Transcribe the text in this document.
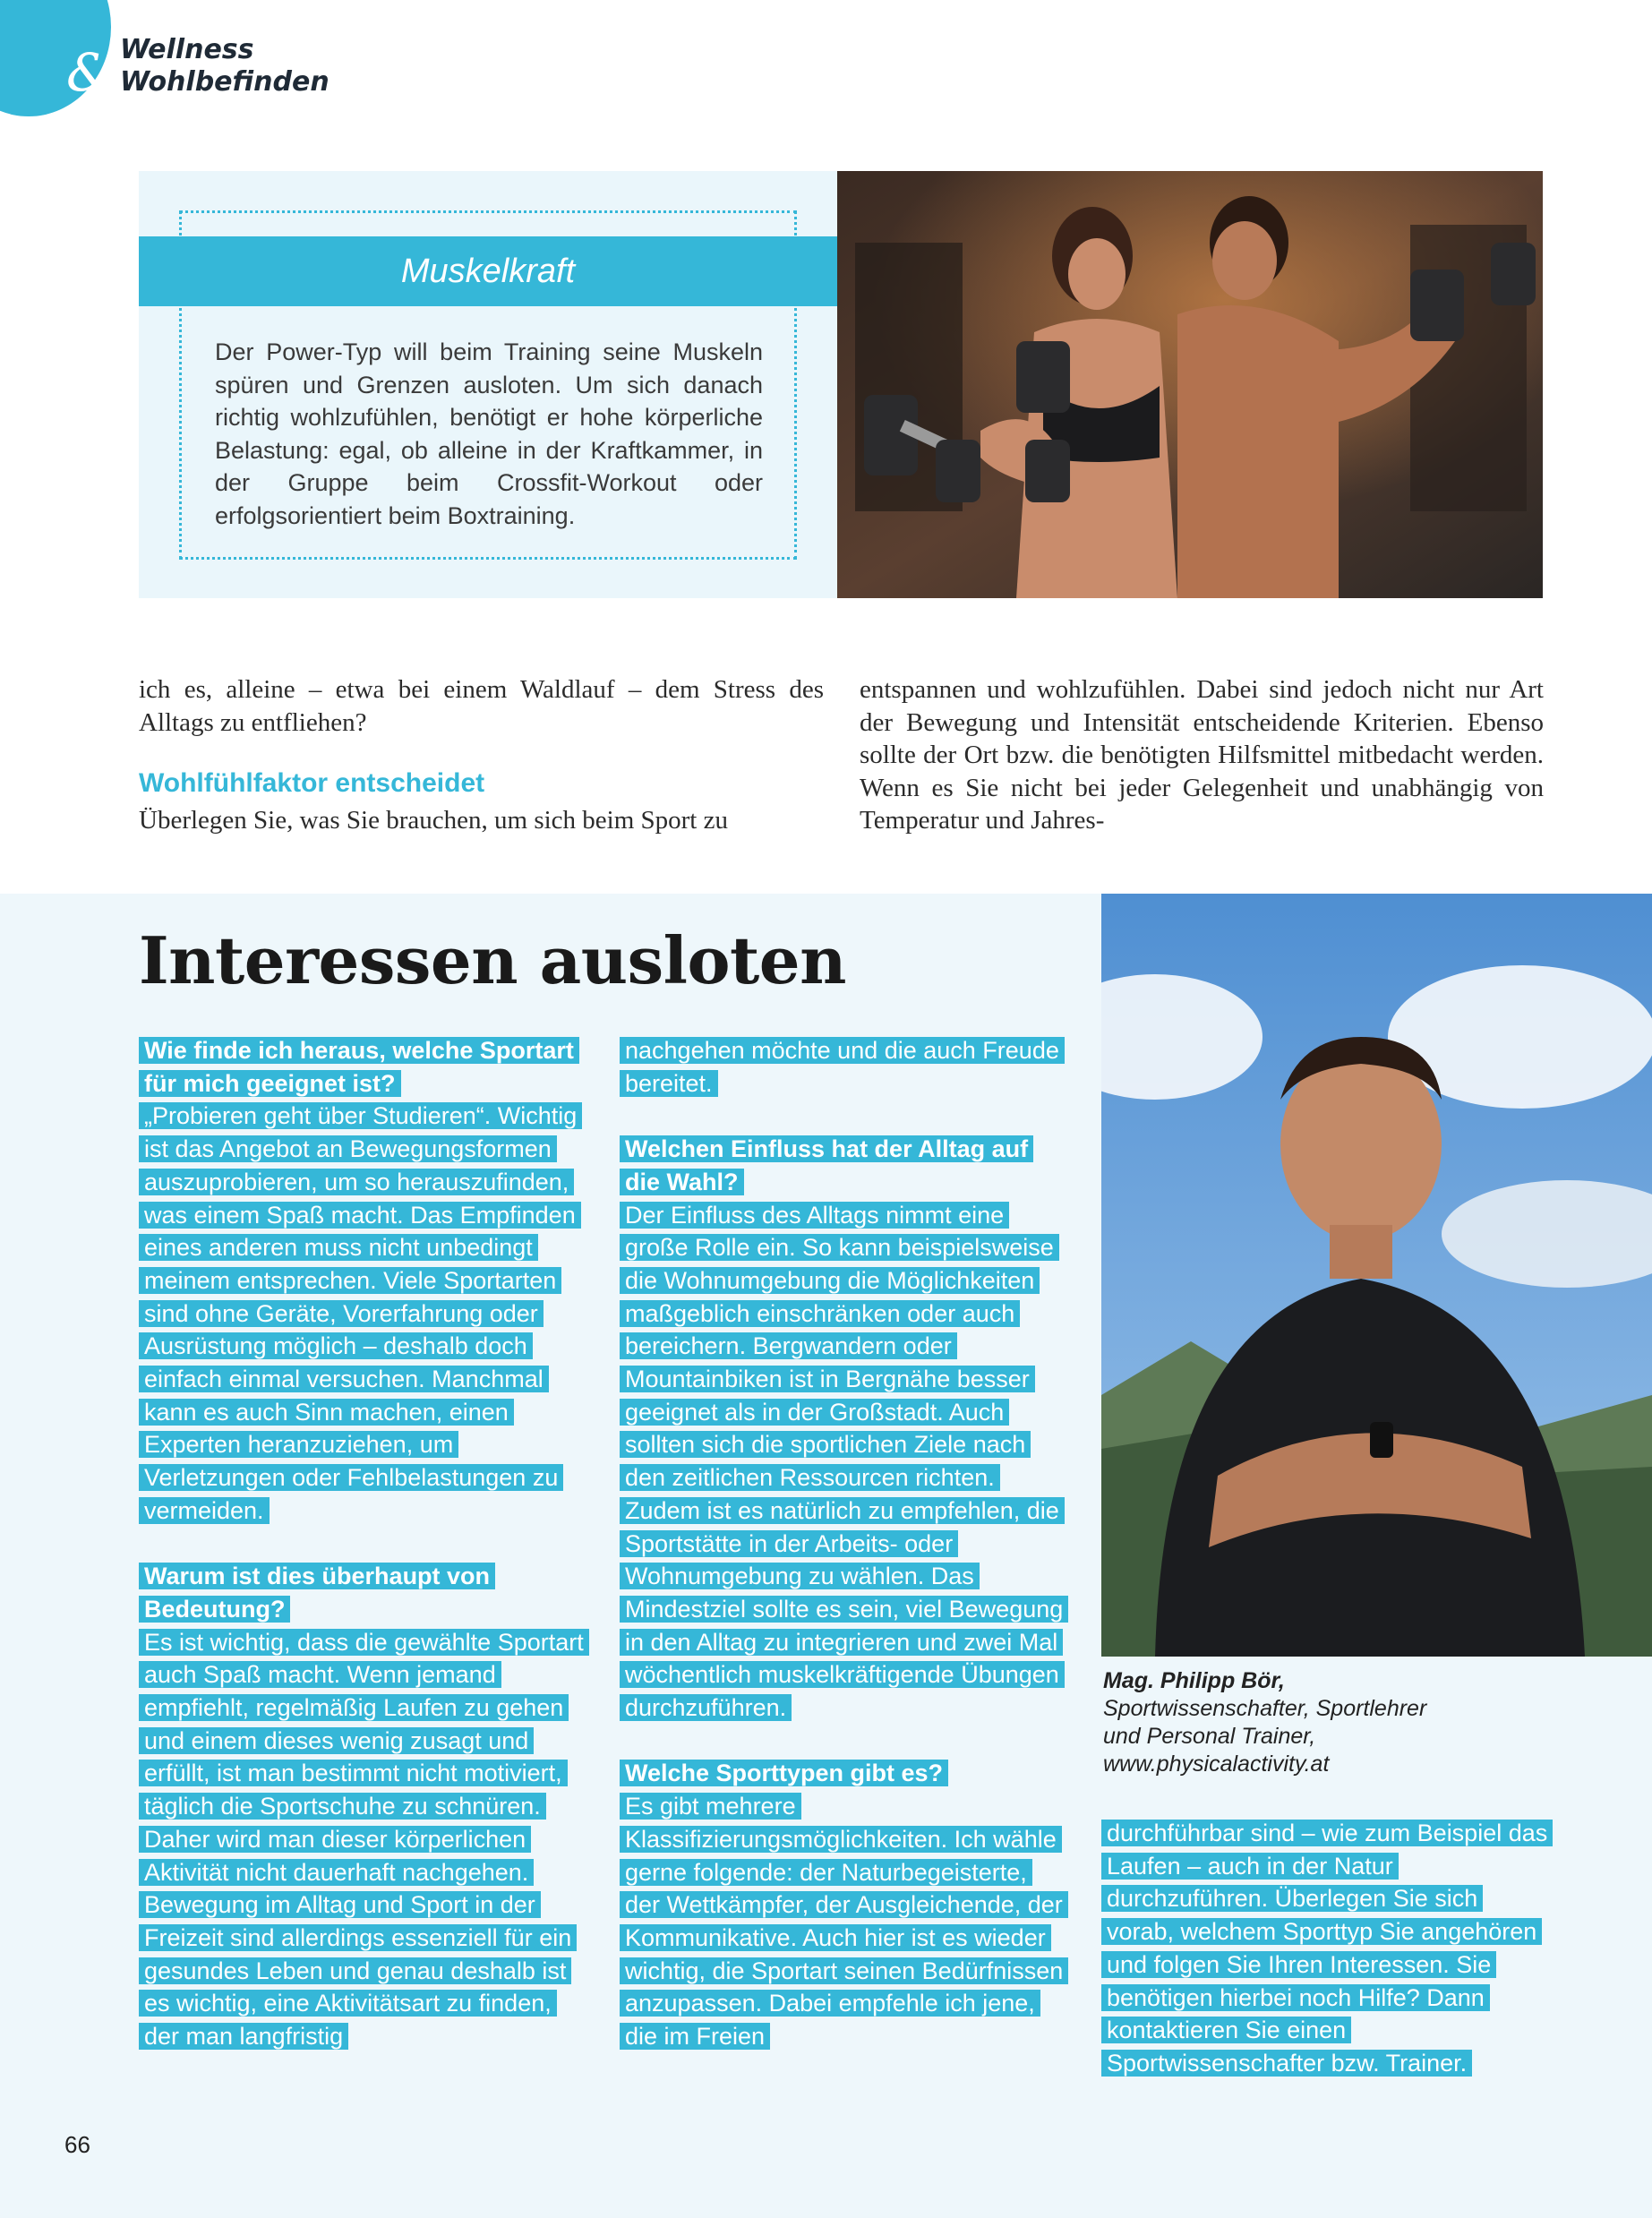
& Wellness
Wohlbefinden
Muskelkraft
Der Power-Typ will beim Training seine Muskeln spüren und Grenzen ausloten. Um sich danach richtig wohlzufühlen, benötigt er hohe körperliche Belastung: egal, ob alleine in der Kraftkammer, in der Gruppe beim Crossfit-Workout oder erfolgsorientiert beim Boxtraining.
ich es, alleine – etwa bei einem Waldlauf – dem Stress des Alltags zu entfliehen?
Wohlfühlfaktor entscheidet
Überlegen Sie, was Sie brauchen, um sich beim Sport zu
entspannen und wohlzufühlen. Dabei sind jedoch nicht nur Art der Bewegung und Intensität entscheidende Kriterien. Ebenso sollte der Ort bzw. die benötigten Hilfsmittel mitbedacht werden. Wenn es Sie nicht bei jeder Gelegenheit und unabhängig von Temperatur und Jahres-
Interessen ausloten

Wie finde ich heraus, welche Sportart für mich geeignet ist?

„Probieren geht über Studieren“. Wichtig ist das Angebot an Bewegungsformen auszuprobieren, um so herauszufinden, was einem Spaß macht. Das Empfinden eines anderen muss nicht unbedingt meinem entsprechen. Viele Sportarten sind ohne Geräte, Vorerfahrung oder Ausrüstung möglich – deshalb doch einfach einmal versuchen. Manchmal kann es auch Sinn machen, einen Experten heranzuziehen, um Verletzungen oder Fehlbelastungen zu vermeiden.

Warum ist dies überhaupt von Bedeutung?

Es ist wichtig, dass die gewählte Sportart auch Spaß macht. Wenn jemand empfiehlt, regelmäßig Laufen zu gehen und einem dieses wenig zusagt und erfüllt, ist man bestimmt nicht motiviert, täglich die Sportschuhe zu schnüren. Daher wird man dieser körperlichen Aktivität nicht dauerhaft nachgehen. Bewegung im Alltag und Sport in der Freizeit sind allerdings essenziell für ein gesundes Leben und genau deshalb ist es wichtig, eine Aktivitätsart zu finden, der man langfristig

nachgehen möchte und die auch Freude bereitet.

Welchen Einfluss hat der Alltag auf die Wahl?

Der Einfluss des Alltags nimmt eine große Rolle ein. So kann beispielsweise die Wohnumgebung die Möglichkeiten maßgeblich einschränken oder auch bereichern. Bergwandern oder Mountainbiken ist in Bergnähe besser geeignet als in der Großstadt. Auch sollten sich die sportlichen Ziele nach den zeitlichen Ressourcen richten. Zudem ist es natürlich zu empfehlen, die Sportstätte in der Arbeits- oder Wohnumgebung zu wählen. Das Mindestziel sollte es sein, viel Bewegung in den Alltag zu integrieren und zwei Mal wöchentlich muskelkräftigende Übungen durchzuführen.

Welche Sporttypen gibt es?

Es gibt mehrere Klassifizierungsmöglichkeiten. Ich wähle gerne folgende: der Naturbegeisterte, der Wettkämpfer, der Ausgleichende, der Kommunikative. Auch hier ist es wieder wichtig, die Sportart seinen Bedürfnissen anzupassen. Dabei empfehle ich jene, die im Freien

durchführbar sind – wie zum Beispiel das Laufen – auch in der Natur durchzuführen. Überlegen Sie sich vorab, welchem Sporttyp Sie angehören und folgen Sie Ihren Interessen. Sie benötigen hierbei noch Hilfe? Dann kontaktieren Sie einen Sportwissenschafter bzw. Trainer.

Mag. Philipp Bör,
Sportwissenschafter, Sportlehrer
und Personal Trainer,
www.physicalactivity.at
66
